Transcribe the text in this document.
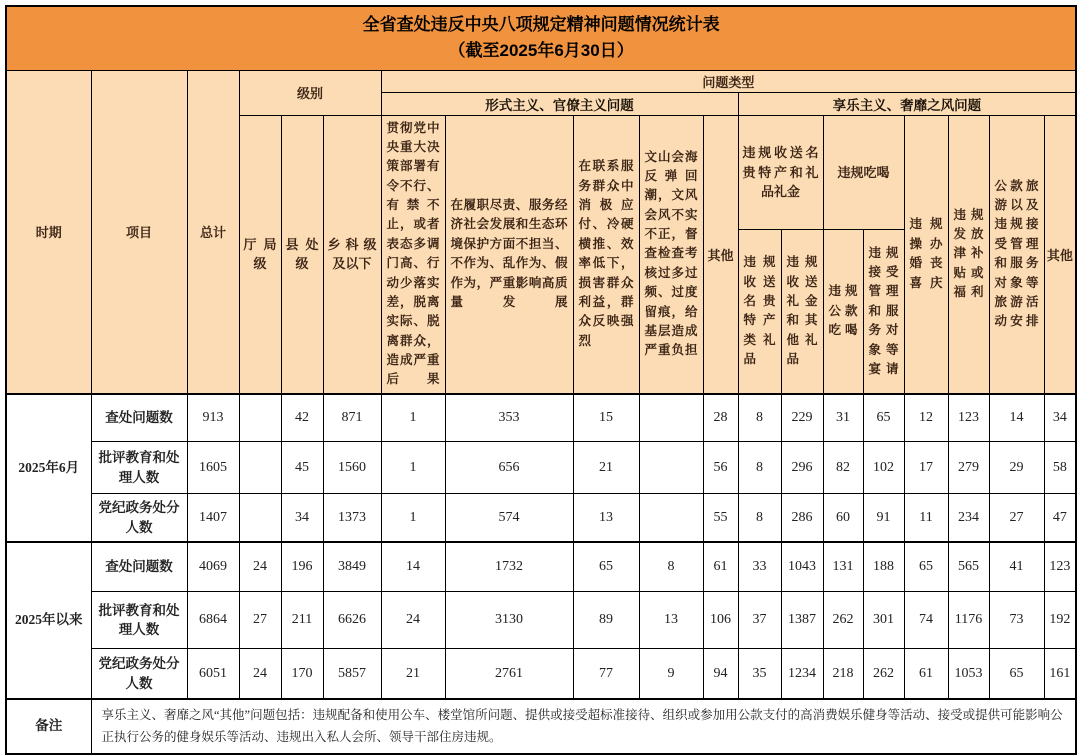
全省查处违反中央八项规定精神问题情况统计表
（截至2025年6月30日）																		

时期	项目	总计	级别			问题类型												
						形式主义、官僚主义问题					享乐主义、奢靡之风问题							
			厅局级	县处级	乡科级及以下	贯彻党中央重大决策部署有令不行、有禁不止，或者表态多调门高、行动少落实差，脱离实际、脱离群众，造成严重后果	在履职尽责、服务经济社会发展和生态环境保护方面不担当、不作为、乱作为、假作为，严重影响高质量发展	在联系服务群众中消极应付、冷硬横推、效率低下，损害群众利益，群众反映强烈	文山会海反弹回潮，文风会风不实不正，督查检查考核过多过频、过度留痕，给基层造成严重负担	其他	违规收送名贵特产和礼品礼金		违规吃喝		违规操办婚丧喜庆	违规发放津补贴或福利	公款旅游以及违规接受管理和服务对象等旅游活动安排	其他
											违规收送名贵特产类礼品	违规收送礼金和其他礼品	违规公款吃喝	违规接受管理和服务对象等宴请				
2025年6月	查处问题数	913		42	871	1	353	15		28	8	229	31	65	12	123	14	34
	批评教育和处理人数	1605		45	1560	1	656	21		56	8	296	82	102	17	279	29	58
	党纪政务处分人数	1407		34	1373	1	574	13		55	8	286	60	91	11	234	27	47
2025年以来	查处问题数	4069	24	196	3849	14	1732	65	8	61	33	1043	131	188	65	565	41	123
	批评教育和处理人数	6864	27	211	6626	24	3130	89	13	106	37	1387	262	301	74	1176	73	192
	党纪政务处分人数	6051	24	170	5857	21	2761	77	9	94	35	1234	218	262	61	1053	65	161
备注	享乐主义、奢靡之风“其他”问题包括：违规配备和使用公车、楼堂馆所问题、提供或接受超标准接待、组织或参加用公款支付的高消费娱乐健身等活动、接受或提供可能影响公正执行公务的健身娱乐等活动、违规出入私人会所、领导干部住房违规。																	
